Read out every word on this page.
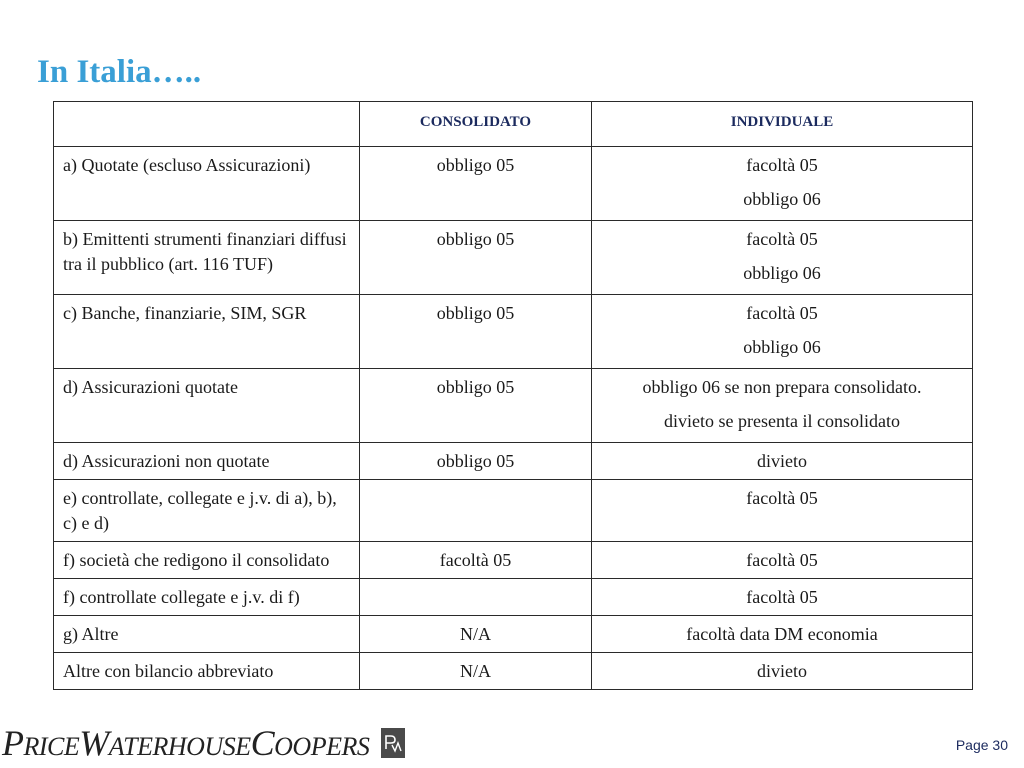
In Italia…..
	CONSOLIDATO	INDIVIDUALE
a) Quotate (escluso Assicurazioni)	obbligo 05	facoltà 05
obbligo 06

b) Emittenti strumenti finanziari diffusi tra il pubblico (art. 116 TUF)	obbligo 05	facoltà 05
obbligo 06

c) Banche, finanziarie, SIM, SGR	obbligo 05	facoltà 05
obbligo 06

d) Assicurazioni quotate	obbligo 05	obbligo 06 se non prepara consolidato.
divieto se presenta il consolidato

d) Assicurazioni non quotate	obbligo 05	divieto

e) controllate, collegate e j.v. di a), b), c) e d)		facoltà 05

f) società che redigono il consolidato	facoltà 05	facoltà 05

f) controllate collegate e j.v. di f)		facoltà 05

g) Altre	N/A	facoltà data DM economia

Altre con bilancio abbreviato	N/A	divieto
PRICEWATERHOUSECOOPERS	Page 30
